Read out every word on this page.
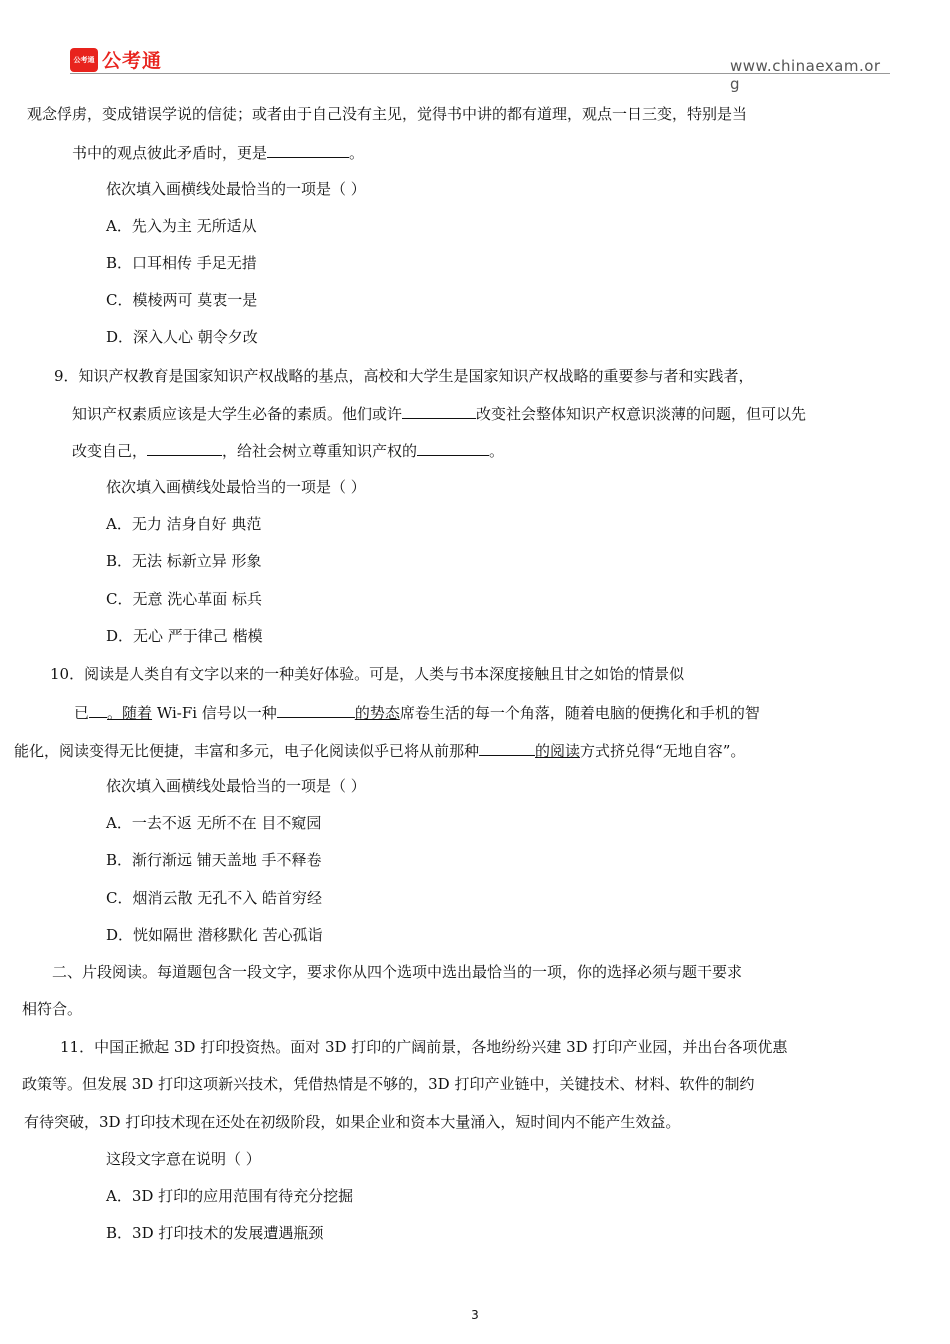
公考通 公考通	www.chinaexam.org
观念俘虏，变成错误学说的信徒；或者由于自己没有主见，觉得书中讲的都有道理，观点一日三变，特别是当
书中的观点彼此矛盾时，更是	。
依次填入画横线处最恰当的一项是（ ）
A．先入为主 无所适从
B．口耳相传 手足无措
C．模棱两可 莫衷一是
D．深入人心 朝令夕改
9．知识产权教育是国家知识产权战略的基点，高校和大学生是国家知识产权战略的重要参与者和实践者，
知识产权素质应该是大学生必备的素质。他们或许	改变社会整体知识产权意识淡薄的问题，但可以先
改变自己，	，给社会树立尊重知识产权的	。
依次填入画横线处最恰当的一项是（ ）
A．无力 洁身自好 典范
B．无法 标新立异 形象
C．无意 洗心革面 标兵
D．无心 严于律己 楷模
10．阅读是人类自有文字以来的一种美好体验。可是，人类与书本深度接触且甘之如饴的情景似
已 。随着 Wi-Fi 信号以一种	的势态席卷生活的每一个角落，随着电脑的便携化和手机的智
能化，阅读变得无比便捷，丰富和多元，电子化阅读似乎已将从前那种	的阅读方式挤兑得“无地自容”。
依次填入画横线处最恰当的一项是（ ）
A．一去不返 无所不在 目不窥园
B．渐行渐远 铺天盖地 手不释卷
C．烟消云散 无孔不入 皓首穷经
D．恍如隔世 潜移默化 苦心孤诣
二、片段阅读。每道题包含一段文字，要求你从四个选项中选出最恰当的一项，你的选择必须与题干要求
相符合。
11．中国正掀起 3D 打印投资热。面对 3D 打印的广阔前景，各地纷纷兴建 3D 打印产业园，并出台各项优惠
政策等。但发展 3D 打印这项新兴技术，凭借热情是不够的，3D 打印产业链中，关键技术、材料、软件的制约
有待突破，3D 打印技术现在还处在初级阶段，如果企业和资本大量涌入，短时间内不能产生效益。
这段文字意在说明（ ）
A．3D 打印的应用范围有待充分挖掘
B．3D 打印技术的发展遭遇瓶颈
3
